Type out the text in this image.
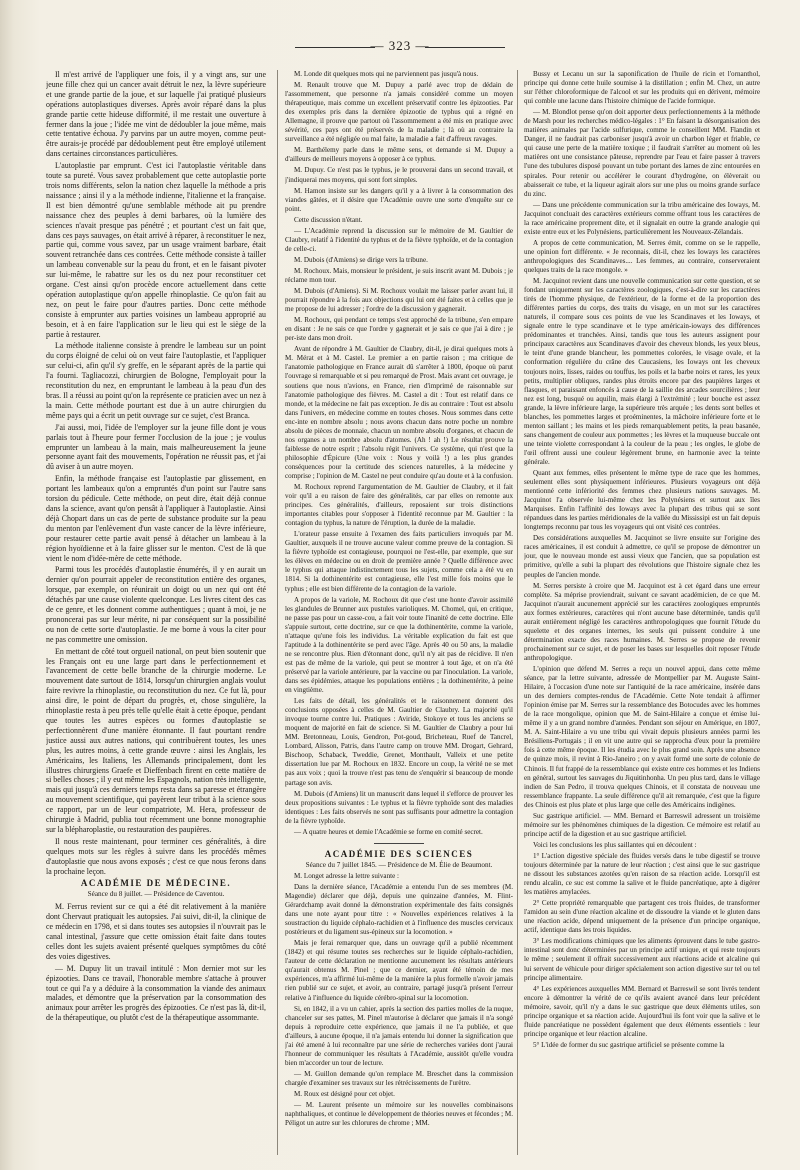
— 323 —

Il m'est arrivé de l'appliquer une fois, il y a vingt ans, sur une jeune fille chez qui un cancer avait détruit le nez, la lèvre supérieure et une grande partie de la joue, et sur laquelle j'ai pratiqué plusieurs opérations autoplastiques diverses. Après avoir réparé dans la plus grande partie cette hideuse difformité, il me restait une ouverture à fermer dans la joue ; l'idée me vint de dédoubler la joue même, mais cette tentative échoua. J'y parvins par un autre moyen, comme peut-être aurais-je procédé par dédoublement peut être employé utilement dans certaines circonstances particulières.

L'autoplastie par emprunt. C'est ici l'autoplastie véritable dans toute sa pureté. Vous savez probablement que cette autoplastie porte trois noms différents, selon la nation chez laquelle la méthode a pris naissance ; ainsi il y a la méthode indienne, l'italienne et la française. Il est bien démontré qu'une semblable méthode ait pu prendre naissance chez des peuples à demi barbares, où la lumière des sciences n'avait presque pas pénétré ; et pourtant c'est un fait que, dans ces pays sauvages, on était arrivé à réparer, à reconstituer le nez, partie qui, comme vous savez, par un usage vraiment barbare, était souvent retranchée dans ces contrées. Cette méthode consiste à tailler un lambeau convenable sur la peau du front, et en le faisant pivoter sur lui-même, le rabattre sur les os du nez pour reconstituer cet organe. C'est ainsi qu'on procède encore actuellement dans cette opération autoplastique qu'on appelle rhinoplastie. Ce qu'on fait au nez, on peut le faire pour d'autres parties. Donc cette méthode consiste à emprunter aux parties voisines un lambeau approprié au besoin, et à en faire l'application sur le lieu qui est le siège de la partie à restaurer.

La méthode italienne consiste à prendre le lambeau sur un point du corps éloigné de celui où on veut faire l'autoplastie, et l'appliquer sur celui-ci, afin qu'il s'y greffe, en le séparant après de la partie qui l'a fourni. Tagliacozzi, chirurgien de Bologne, l'employait pour la reconstitution du nez, en empruntant le lambeau à la peau d'un des bras. Il a réussi au point qu'on la représente ce praticien avec un nez à la main. Cette méthode pourtant est due à un autre chirurgien du même pays qui a écrit un petit ouvrage sur ce sujet, c'est Branca.

J'ai aussi, moi, l'idée de l'employer sur la jeune fille dont je vous parlais tout à l'heure pour fermer l'occlusion de la joue ; je voulus emprunter un lambeau à la main, mais malheureusement la jeune personne ayant fait des mouvements, l'opération ne réussit pas, et j'ai dû aviser à un autre moyen.

Enfin, la méthode française est l'autoplastie par glissement, en portant les lambeaux qu'on a empruntés d'un point sur l'autre sans torsion du pédicule. Cette méthode, on peut dire, était déjà connue dans la science, avant qu'on pensât à l'appliquer à l'autoplastie. Ainsi déjà Chopart dans un cas de perte de substance produite sur la peau du menton par l'enlèvement d'un vaste cancer de la lèvre inférieure, pour restaurer cette partie avait pensé à détacher un lambeau à la région hyoïdienne et à la faire glisser sur le menton. C'est de là que vient le nom d'idée-mère de cette méthode.

Parmi tous les procédés d'autoplastie énumérés, il y en aurait un dernier qu'on pourrait appeler de reconstitution entière des organes, lorsque, par exemple, on réunirait un doigt ou un nez qui ont été détachés par une cause violente quelconque. Les livres citent des cas de ce genre, et les donnent comme authentiques ; quant à moi, je ne prononcerai pas sur leur mérite, ni par conséquent sur la possibilité ou non de cette sorte d'autoplastie. Je me borne à vous la citer pour ne pas commettre une omission.

En mettant de côté tout orgueil national, on peut bien soutenir que les Français ont eu une large part dans le perfectionnement et l'avancement de cette belle branche de la chirurgie moderne. Le mouvement date surtout de 1814, lorsqu'un chirurgien anglais voulut faire revivre la rhinoplastie, ou reconstitution du nez. Ce fut là, pour ainsi dire, le point de départ du progrès, et, chose singulière, la rhinoplastie resta à peu près telle qu'elle était à cette époque, pendant que toutes les autres espèces ou formes d'autoplastie se perfectionnèrent d'une manière étonnante. Il faut pourtant rendre justice aussi aux autres nations, qui contribuèrent toutes, les unes plus, les autres moins, à cette grande œuvre : ainsi les Anglais, les Américains, les Italiens, les Allemands principalement, dont les illustres chirurgiens Graefe et Dieffenbach firent en cette matière de si belles choses ; il y eut même les Espagnols, nation très intelligente, mais qui jusqu'à ces derniers temps resta dans sa paresse et étrangère au mouvement scientifique, qui payèrent leur tribut à la science sous ce rapport, par un de leur compatriote, M. Hera, professeur de chirurgie à Madrid, publia tout récemment une bonne monographie sur la blépharoplastie, ou restauration des paupières.

Il nous reste maintenant, pour terminer ces généralités, à dire quelques mots sur les règles à suivre dans les procédés mêmes d'autoplastie que nous avons exposés ; c'est ce que nous ferons dans la prochaine leçon.

ACADÉMIE DE MÉDECINE.

Séance du 8 juillet. — Présidence de Caventou.

M. Ferrus revient sur ce qui a été dit relativement à la manière dont Chervaut pratiquait les autopsies. J'ai suivi, dit-il, la clinique de ce médecin en 1798, et si dans toutes ses autopsies il n'ouvrait pas le canal intestinal, j'assure que cette omission était faite dans toutes celles dont les sujets avaient présenté quelques symptômes du côté des voies digestives.

— M. Dupuy lit un travail intitulé : Mon dernier mot sur les épizooties. Dans ce travail, l'honorable membre s'attache à prouver tout ce qui l'a y a déduire à la consommation la viande des animaux malades, et démontre que la préservation par la consommation des animaux pour arrêter les progrès des épizooties. Ce n'est pas là, dit-il, de la thérapeutique, ou plutôt c'est de la thérapeutique assommante.

M. Londe dit quelques mots qui ne parviennent pas jusqu'à nous.

M. Renault trouve que M. Dupuy a parlé avec trop de dédain de l'assommement, que personne n'a jamais considéré comme un moyen thérapeutique, mais comme un excellent préservatif contre les épizooties. Par des exemples pris dans la dernière épizootie de typhus qui a régné en Allemagne, il prouve que partout où l'assommement a été mis en pratique avec sévérité, ces pays ont été préservés de la maladie ; là où au contraire la surveillance a été négligée ou mal faite, la maladie a fait d'affreux ravages.

M. Barthélemy parle dans le même sens, et demande si M. Dupuy a d'ailleurs de meilleurs moyens à opposer à ce typhus.

M. Dupuy. Ce n'est pas le typhus, je le prouverai dans un second travail, et j'indiquerai mes moyens, qui sont fort simples.

M. Hamon insiste sur les dangers qu'il y a à livrer à la consommation des viandes gâtées, et il désire que l'Académie ouvre une sorte d'enquête sur ce point.

Cette discussion n'étant.

— L'Académie reprend la discussion sur le mémoire de M. Gaultier de Claubry, relatif à l'identité du typhus et de la fièvre typhoïde, et de la contagion de celle-ci.

M. Dubois (d'Amiens) se dirige vers la tribune.

M. Rochoux. Mais, monsieur le président, je suis inscrit avant M. Dubois ; je réclame mon tour.

M. Dubois (d'Amiens). Si M. Rochoux voulait me laisser parler avant lui, il pourrait répondre à la fois aux objections qui lui ont été faites et à celles que je me propose de lui adresser ; l'ordre de la discussion y gagnerait.

M. Rochoux, qui pendant ce temps s'est approché de la tribune, s'en empare en disant : Je ne sais ce que l'ordre y gagnerait et je sais ce que j'ai à dire ; je per-iste dans mon droit.

Avant de répondre à M. Gaultier de Claubry, dit-il, je dirai quelques mots à M. Mérat et à M. Castel. Le premier a en partie raison ; ma critique de l'anatomie pathologique en France aurait dû s'arrêter à 1800, époque où parut l'ouvrage si remarquable et si peu remarqué de Prost. Mais avant cet ouvrage, je soutiens que nous n'avions, en France, rien d'imprimé de raisonnable sur l'anatomie pathologique des fièvres. M. Castel a dit : Tout est relatif dans ce monde, et la médecine ne fait pas exception. Je dis au contraire : Tout est absolu dans l'univers, en médecine comme en toutes choses. Nous sommes dans cette enc-inte en nombre absolu ; nous avons chacun dans notre poche un nombre absolu de pièces de monnaie, chacun un nombre absolu d'organes, et chacun de nos organes a un nombre absolu d'atomes. (Ah ! ah !) Le résultat prouve la faiblesse de notre esprit ; l'absolu régit l'univers. Ce système, qui n'est que la philosophie d'Épicure (Une voix : Nous y voilà !) a les plus grandes conséquences pour la certitude des sciences naturelles, à la médecine y comprise ; l'opinion de M. Castel ne peut conduire qu'au doute et à la confusion.

M. Rochoux reprend l'argumentation de M. Gaultier de Claubry, et il fait voir qu'il a eu raison de faire des généralités, car par elles on remonte aux principes. Ces généralités, d'ailleurs, reposaient sur trois distinctions importantes citables pour s'opposer à l'identité reconnue par M. Gaultier : la contagion du typhus, la nature de l'éruption, la durée de la maladie.

L'orateur passe ensuite à l'examen des faits particuliers invoqués par M. Gaultier, auxquels il ne trouve aucune valeur comme preuve de la contagion. Si la fièvre typhoïde est contagieuse, pourquoi ne l'est-elle, par exemple, que sur les élèves en médecine ou en droit de première année ? Quelle différence avec le typhus qui attaque indistinctement tous les sujets, comme cela a été vu en 1814. Si la dothinentérite est contagieuse, elle l'est mille fois moins que le typhus ; elle est bien différente de la contagion de la variole.

A propos de la variole, M. Rochoux dit que c'est une honte d'avoir assimilé les glandules de Brunner aux pustules varioliques. M. Chomel, qui, en critique, ne passe pas pour un casse-cou, a fait voir toute l'inanité de cette doctrine. Elle s'appuie surtout, cette doctrine, sur ce que la dothinentérite, comme la variole, n'attaque qu'une fois les individus. La véritable explication du fait est que l'aptitude à la dothinentérite se perd avec l'âge. Après 40 ou 50 ans, la maladie ne se rencontre plus. Rien d'étonnant donc, qu'il n'y ait pas de récidive. Il n'en est pas de même de la variole, qui peut se montrer à tout âge, et on n'a été préservé par la variole antérieure, par la vaccine ou par l'inoculation. La variole, dans ses épidémies, attaque les populations entières ; la dothinentérite, à peine en vingtième.

Les faits de détail, les généralités et le raisonnement donnent des conclusions opposées à celles de M. Gaultier de Claubry. La majorité qu'il invoque tourne contre lui. Pratiques : Aviride, Stokoye et tous les anciens se moquent de majorité en fait de science. Si M. Gaultier de Claubry a pour lui MM. Bretonneau, Louis, Gendron, Pot-goud, Bricheteau, Ruef de Tancrel, Lombard, Alisson, Patris, dans l'autre camp on trouve MM. Drogart, Gehrard, Bischoop, Schaback, Tweddie, Grenet, Monthault, Valleix et une petite dissertation lue par M. Rochoux en 1832. Encore un coup, la vérité ne se met pas aux voix ; quoi la trouve n'est pas tenu de s'enquérir si beaucoup de monde partage son avis.

M. Dubois (d'Amiens) lit un manuscrit dans lequel il s'efforce de prouver les deux propositions suivantes : Le typhus et la fièvre typhoïde sont des maladies identiques : Les faits observés ne sont pas suffisants pour admettre la contagion de la fièvre typhoïde.

— A quatre heures et demie l'Académie se forme en comité secret.

ACADÉMIE DES SCIENCES

Séance du 7 juillet 1845. — Présidence de M. Élie de Beaumont.

M. Longet adresse la lettre suivante :

Dans la dernière séance, l'Académie a entendu l'un de ses membres (M. Magendie) déclarer que déjà, depuis une quinzaine d'années, M. Flint-Gérardchamp avait donné la démonstration expérimentale des faits consignés dans une note ayant pour titre : « Nouvelles expériences relatives à la soustraction du liquide céphalo-rachidien et à l'influence des muscles cervicaux postérieurs et du ligament sus-épineux sur la locomotion. »

Mais je ferai remarquer que, dans un ouvrage qu'il a publié récemment (1842) et qui résume toutes ses recherches sur le liquide céphalo-rachidien, l'auteur de cette déclaration ne mentionne aucunement les résultats antérieurs qu'aurait obtenus M. Pinel ; que ce dernier, ayant été témoin de mes expériences, m'a affirmé lui-même de la manière la plus formelle n'avoir jamais rien publié sur ce sujet, et avoir, au contraire, partagé jusqu'à présent l'erreur relative à l'influence du liquide cérébro-spinal sur la locomotion.

Si, en 1842, il a vu un cahier, après la section des parties molles de la nuque, chanceler sur ses pattes, M. Pinel m'autorise à déclarer que jamais il n'a songé depuis à reproduire cette expérience, que jamais il ne l'a publiée, et que d'ailleurs, à aucune époque, il n'a jamais entendu lui donner la signification que j'ai été amené à lui reconnaître par une série de recherches variées dont j'aurai l'honneur de communiquer les résultats à l'Académie, aussitôt qu'elle voudra bien m'accorder un tour de lecture.

— M. Guillon demande qu'on remplace M. Breschet dans la commission chargée d'examiner ses travaux sur les rétrécissements de l'urètre.

M. Roux est désigné pour cet objet.

— M. Laurent présente un mémoire sur les nouvelles combinaisons naphthaliques, et continue le développement de théories neuves et fécondes ; M. Péligot un autre sur les chlorures de chrome ; MM.

Bussy et Lecanu un sur la saponification de l'huile de ricin et l'ornanthol, principe qui donne cette huile soumise à la distillation ; enfin M. Chez, un autre sur l'éther chloroformique de l'alcool et sur les produits qui en dérivent, mémoire qui comble une lacune dans l'histoire chimique de l'acide formique.

— M. Blondlot pense qu'on doit apporter deux perfectionnements à la méthode de Marsh pour les recherches médico-légales : 1° En faisant la désorganisation des matières animales par l'acide sulfurique, comme le conseillent MM. Flandin et Danger, il ne faudrait pas carboniser jusqu'à avoir un charbon léger et friable, ce qui cause une perte de la matière toxique ; il faudrait s'arrêter au moment où les matières ont une consistance pâteuse, reprendre par l'eau et faire passer à travers l'une des tubulures disposé pouvant un tube portant des lames de zinc entourées en spirales. Pour retenir ou accélérer le courant d'hydrogène, on élèverait ou abaisserait ce tube, et la liqueur agirait alors sur une plus ou moins grande surface du zinc.

— Dans une précédente communication sur la tribu américaine des Ioways, M. Jacquinot concluait des caractères extérieurs comme offrant tous les caractères de la race américaine proprement dite, et il signalait en outre la grande analogie qui existe entre eux et les Polynésiens, particulièrement les Nouveaux-Zélandais.

A propos de cette communication, M. Serres émit, comme on se le rappelle, une opinion fort différente. « Je reconnais, dit-il, chez les Ioways les caractères anthropologiques des Scandinaves.... Les femmes, au contraire, conserveraient quelques traits de la race mongole. »

M. Jacquinot revient dans une nouvelle communication sur cette question, et se fondant uniquement sur les caractères zoologiques, c'est-à-dire sur les caractères tirés de l'homme physique, de l'extérieur, de la forme et de la proportion des différentes parties du corps, des traits du visage, en un mot sur les caractères naturels, il compare sous ces points de vue les Scandinaves et les Ioways, et signale entre le type scandinave et le type américain-ioways des différences prédominantes et tranchées. Ainsi, tandis que tous les auteurs assignent pour principaux caractères aux Scandinaves d'avoir des cheveux blonds, les yeux bleus, le teint d'une grande blancheur, les pommettes colorées, le visage ovale, et la conformation régulière du crâne des Caucasiens, les Ioways ont les cheveux toujours noirs, lisses, raides ou touffus, les poils et la barbe noirs et rares, les yeux petits, multiplier obliques, randes plus étroits encore par des paupières larges et flasques, et paraissant enfoncés à cause de la saillie des arcades sourcilières ; leur nez est long, busqué ou aquilin, mais élargi à l'extrémité ; leur bouche est assez grande, la lèvre inférieure large, la supérieure très arquée ; les dents sont belles et blanches, les pommettes larges et proéminentes, la mâchoire inférieure forte et le menton saillant ; les mains et les pieds remarquablement petits, la peau basanée, sans changement de couleur aux pommettes ; les lèvres et la muqueuse buccale ont une teinte violette correspondant à la couleur de la peau ; les ongles, le globe de l'œil offrent aussi une couleur légèrement brune, en harmonie avec la teinte générale.

Quant aux femmes, elles présentent le même type de race que les hommes, seulement elles sont physiquement inférieures. Plusieurs voyageurs ont déjà mentionné cette infériorité des femmes chez plusieurs nations sauvages. M. Jacquinot l'a observée lui-même chez les Polynésiens et surtout aux îles Marquises. Enfin l'affinité des Ioways avec la plupart des tribus qui se sont répandues dans les parties méridionales de la vallée du Mississipi est un fait depuis longtemps reconnu par tous les voyageurs qui ont visité ces contrées.

Des considérations auxquelles M. Jacquinot se livre ensuite sur l'origine des races américaines, il est conduit à admettre, ce qu'il se propose de démontrer un jour, que le nouveau monde est aussi vieux que l'ancien, que sa population est primitive, qu'elle a subi la plupart des révolutions que l'histoire signale chez les peuples de l'ancien monde.

M. Serres persiste à croire que M. Jacquinot est à cet égard dans une erreur complète. Sa méprise proviendrait, suivant ce savant académicien, de ce que M. Jacquinot n'aurait aucunement apprécié sur les caractères zoologiques empruntés aux formes extérieures, caractères qui n'ont aucune base déterminée, tandis qu'il aurait entièrement négligé les caractères anthropologiques que fournit l'étude du squelette et des organes internes, les seuls qui puissent conduire à une détermination exacte des races humaines. M. Serres se propose de revenir prochainement sur ce sujet, et de poser les bases sur lesquelles doit reposer l'étude anthropologique.

L'opinion que défend M. Serres a reçu un nouvel appui, dans cette même séance, par la lettre suivante, adressée de Montpellier par M. Auguste Saint-Hilaire, à l'occasion d'une note sur l'antiquité de la race américaine, insérée dans un des derniers comptes-rendus de l'Académie. Cette Note tendait à affirmer l'opinion émise par M. Serres sur la ressemblance des Botocudes avec les hommes de la race mongolique, opinion que M. de Saint-Hilaire a conçue et émise lui-même il y a un grand nombre d'années. Pendant son séjour en Amérique, en 1807, M. A. Saint-Hilaire a vu une tribu qui vivait depuis plusieurs années parmi les Brésiliens-Portugais ; il en vit une autre qui se rapprocha d'eux pour la première fois à cette même époque. Il les étudia avec le plus grand soin. Après une absence de quinze mois, il revint à Rio-Janeiro ; on y avait formé une sorte de colonie de Chinois. Il fut frappé de la ressemblance qui existe entre ces hommes et les Indiens en général, surtout les sauvages du Jiquitinhonha. Un peu plus tard, dans le village indien de San Pedro, il trouva quelques Chinois, et il constata de nouveau une ressemblance frappante. La seule différence qu'il ait remarquée, c'est que la figure des Chinois est plus plate et plus large que celle des Américains indigènes.

Suc gastrique artificiel. — MM. Bernard et Barreswil adressent un troisième mémoire sur les phénomènes chimiques de la digestion. Ce mémoire est relatif au principe actif de la digestion et au suc gastrique artificiel.

Voici les conclusions les plus saillantes qui en découlent :

1° L'action digestive spéciale des fluides versés dans le tube digestif se trouve toujours déterminée par la nature de leur réaction ; c'est ainsi que le suc gastrique ne dissout les substances azotées qu'en raison de sa réaction acide. Lorsqu'il est rendu alcalin, ce suc est comme la salive et le fluide pancréatique, apte à digérer les matières amylacées.

2° Cette propriété remarquable que partagent ces trois fluides, de transformer l'amidon au sein d'une réaction alcaline et de dissoudre la viande et le gluten dans une réaction acide, dépend uniquement de la présence d'un principe organique, actif, identique dans les trois liquides.

3° Les modifications chimiques que les aliments éprouvent dans le tube gastro-intestinal sont donc déterminées par un principe actif unique, et qui reste toujours le même ; seulement il offrait successivement aux réactions acide et alcaline qui lui servent de véhicule pour diriger spécialement son action digestive sur tel ou tel principe alimentaire.

4° Les expériences auxquelles MM. Bernard et Barreswil se sont livrés tendent encore à démontrer la vérité de ce qu'ils avaient avancé dans leur précédent mémoire, savoir, qu'il n'y a dans le suc gastrique que deux éléments utiles, son principe organique et sa réaction acide. Aujourd'hui ils font voir que la salive et le fluide pancréatique ne possèdent également que deux éléments essentiels : leur principe organique et leur réaction alcaline.

5° L'idée de former du suc gastrique artificiel se présente comme la
